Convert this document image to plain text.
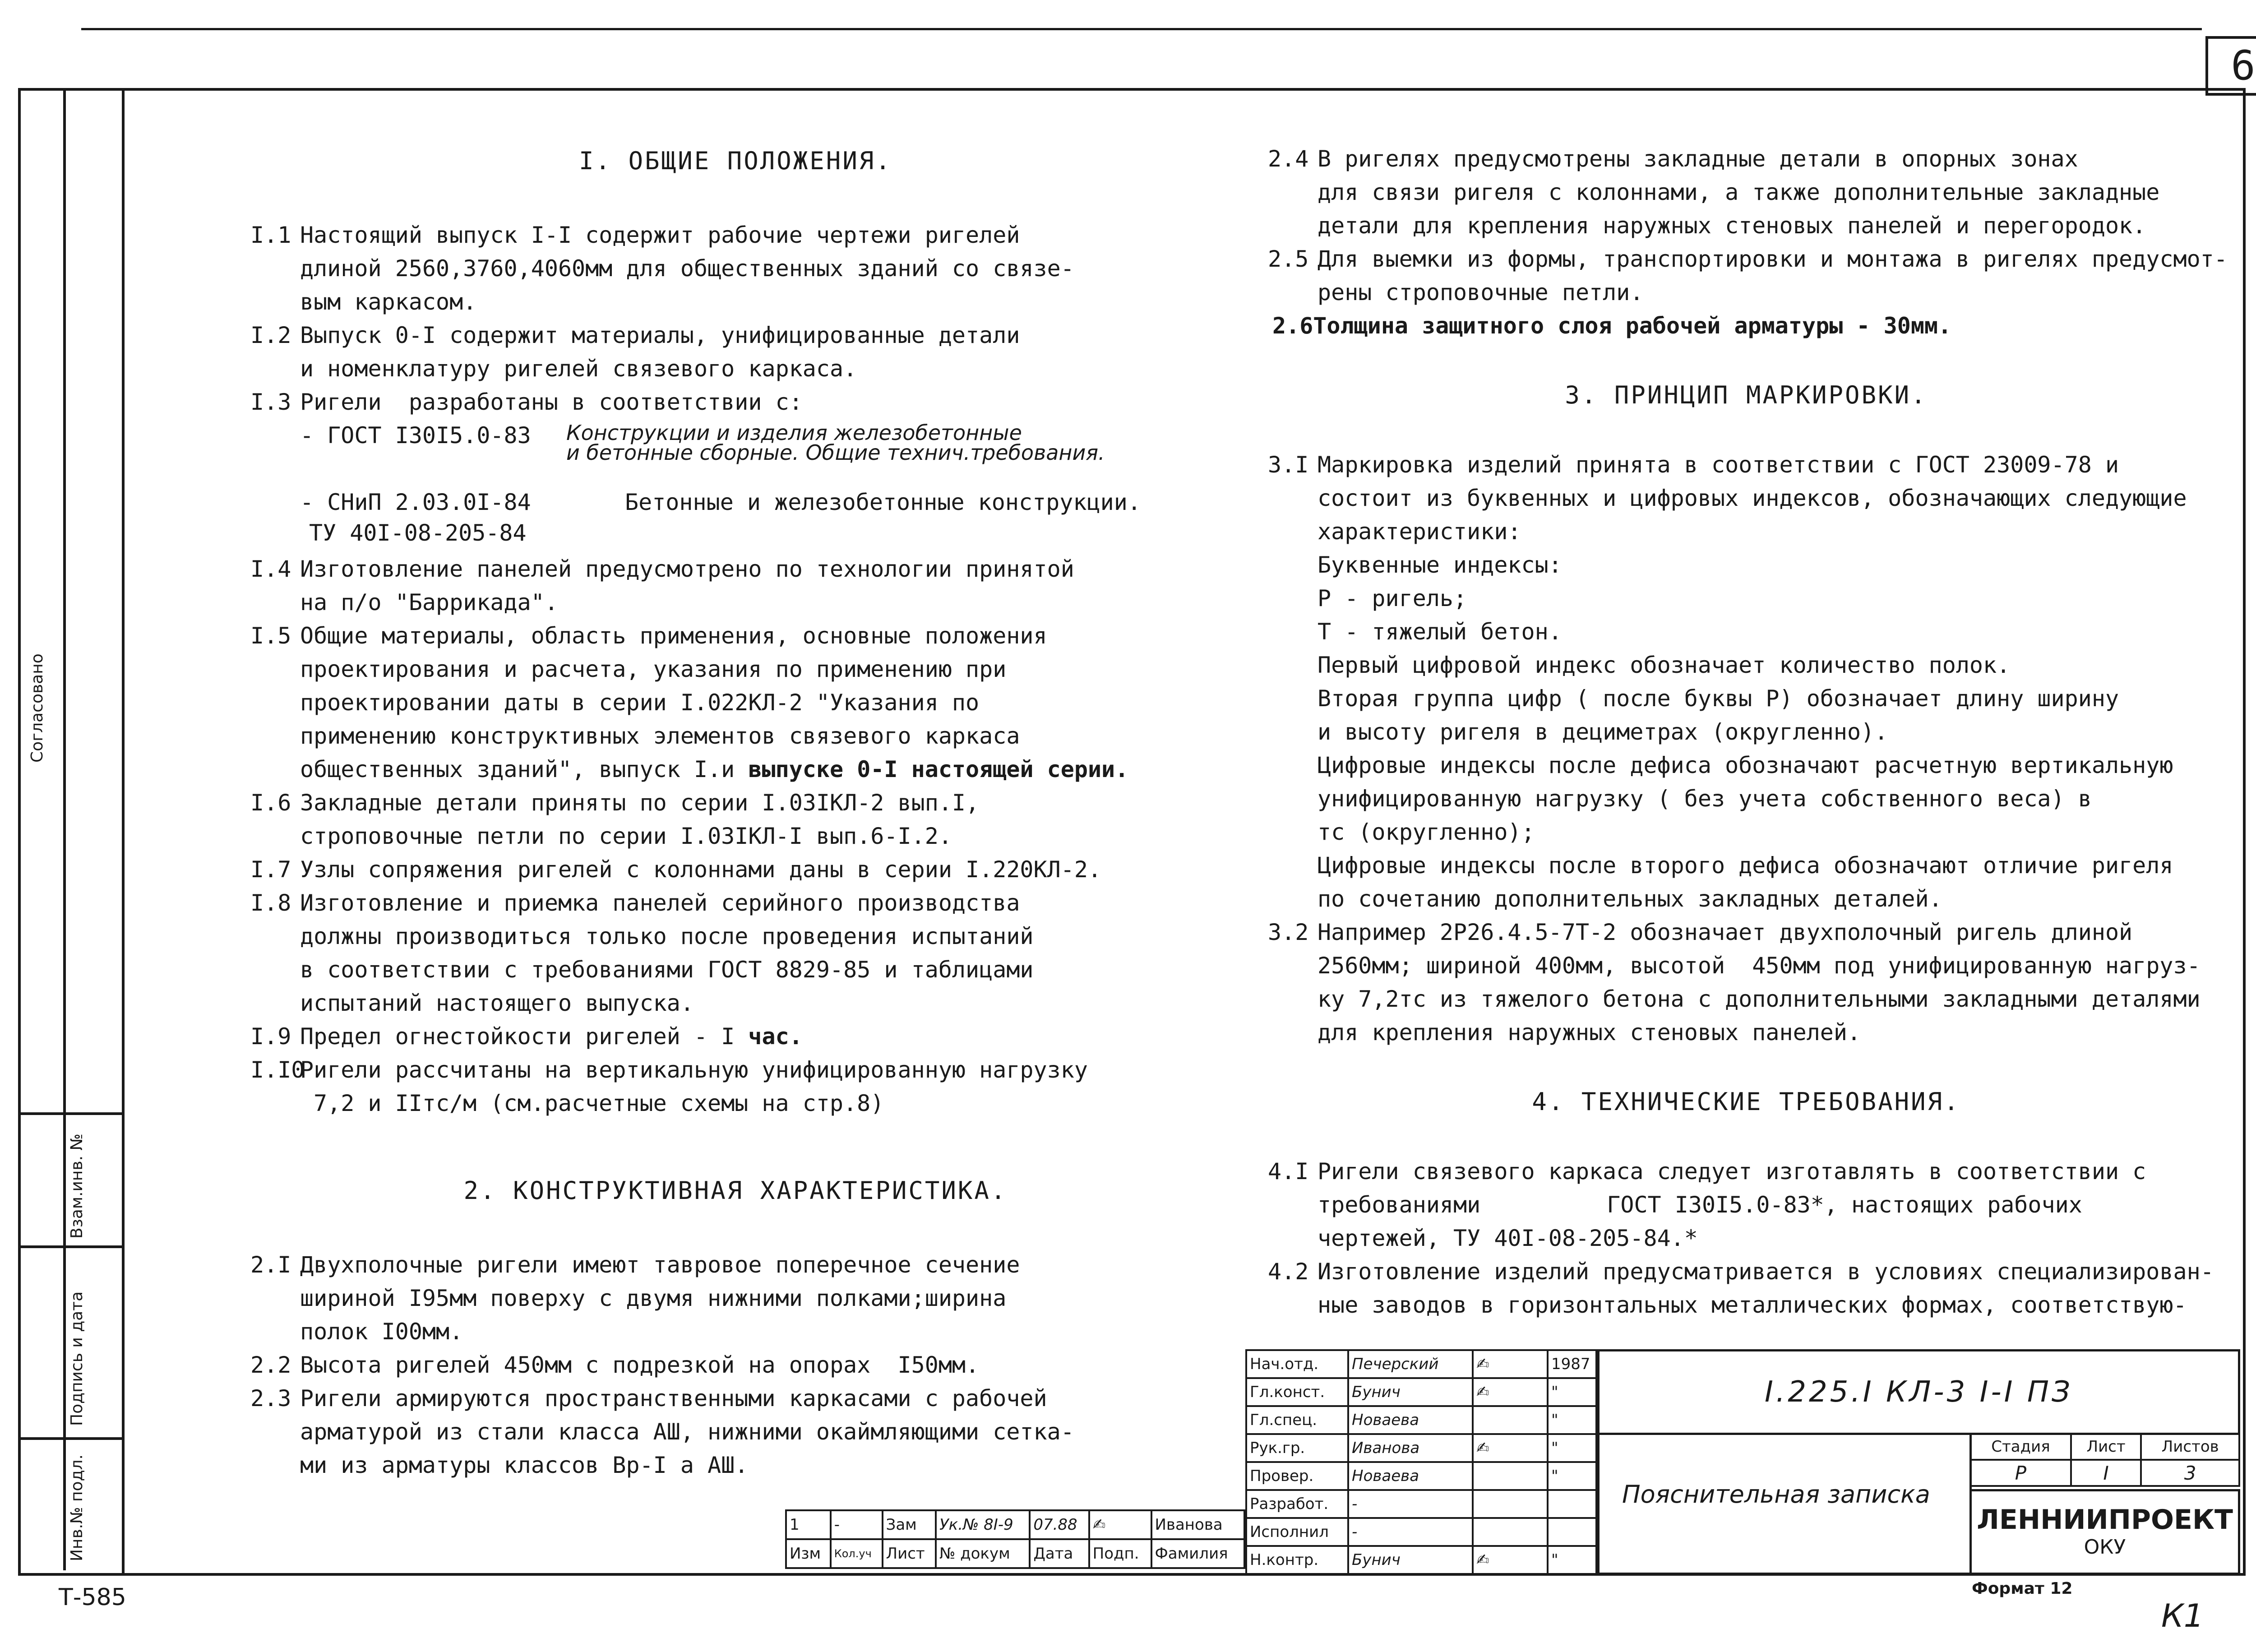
6
Согласовано
Взам.инв. №
Подпись и дата
Инв.№ подл.

I. ОБЩИЕ ПОЛОЖЕНИЯ.

I.1 Настоящий выпуск I-I содержит рабочие чертежи ригелей
длиной 2560,3760,4060мм для общественных зданий со связе-
вым каркасом.
I.2 Выпуск 0-I содержит материалы, унифицированные детали
и номенклатуру ригелей связевого каркаса.
I.3 Ригели  разработаны в соответствии с:
- ГОСТ I30I5.0-83 Конструкции и изделия железобетонные
и бетонные сборные. Общие технич.требования.
- СНиП 2.03.0I-84	Бетонные и железобетонные конструкции.
ТУ 40I-08-205-84
I.4 Изготовление панелей предусмотрено по технологии принятой
на п/о "Баррикада".
I.5 Общие материалы, область применения, основные положения
проектирования и расчета, указания по применению при
проектировании даты в серии I.022КЛ-2 "Указания по
применению конструктивных элементов связевого каркаса
общественных зданий", выпуск I.и выпуске 0-I настоящей серии.
I.6 Закладные детали приняты по серии I.03IКЛ-2 вып.I,
строповочные петли по серии I.03IКЛ-I вып.6-I.2.
I.7 Узлы сопряжения ригелей с колоннами даны в серии I.220КЛ-2.
I.8 Изготовление и приемка панелей серийного производства
должны производиться только после проведения испытаний
в соответствии с требованиями ГОСТ 8829-85 и таблицами
испытаний настоящего выпуска.
I.9 Предел огнестойкости ригелей - I час.
I.I0
Ригели рассчитаны на вертикальную унифицированную нагрузку
7,2 и IIтс/м (см.расчетные схемы на стр.8)

2. КОНСТРУКТИВНАЯ ХАРАКТЕРИСТИКА.

2.I Двухполочные ригели имеют тавровое поперечное сечение
шириной I95мм поверху с двумя нижними полками;ширина
полок I00мм.
2.2 Высота ригелей 450мм с подрезкой на опорах  I50мм.
2.3 Ригели армируются пространственными каркасами с рабочей
арматурой из стали класса АШ, нижними окаймляющими сетка-
ми из арматуры классов Вр-I а АШ.
2.4 В ригелях предусмотрены закладные детали в опорных зонах
для связи ригеля с колоннами, а также дополнительные закладные
детали для крепления наружных стеновых панелей и перегородок.
2.5 Для выемки из формы, транспортировки и монтажа в ригелях предусмот-
рены строповочные петли.

2.6Толщина защитного слоя рабочей арматуры - 30мм.

3. ПРИНЦИП МАРКИРОВКИ.

3.I Маркировка изделий принята в соответствии с ГОСТ 23009-78 и
состоит из буквенных и цифровых индексов, обозначающих следующие
характеристики:
Буквенные индексы:
Р - ригель;
Т - тяжелый бетон.
Первый цифровой индекс обозначает количество полок.
Вторая группа цифр ( после буквы Р) обозначает длину ширину
и высоту ригеля в дециметрах (округленно).
Цифровые индексы после дефиса обозначают расчетную вертикальную
унифицированную нагрузку ( без учета собственного веса) в
тс (округленно);
Цифровые индексы после второго дефиса обозначают отличие ригеля
по сочетанию дополнительных закладных деталей.
3.2 Например 2Р26.4.5-7Т-2 обозначает двухполочный ригель длиной
2560мм; шириной 400мм, высотой  450мм под унифицированную нагруз-
ку 7,2тс из тяжелого бетона с дополнительными закладными деталями
для крепления наружных стеновых панелей.

4. ТЕХНИЧЕСКИЕ ТРЕБОВАНИЯ.

4.I Ригели связевого каркаса следует изготавлять в соответствии с
требованиями	ГОСТ I30I5.0-83*, настоящих рабочих
чертежей, ТУ 40I-08-205-84.*
4.2 Изготовление изделий предусматривается в условиях специализирован-
ные заводов в горизонтальных металлических формах, соответствую-
Нач.отд.	Печерский	✍	1987
Гл.конст.	Бунич	✍	"
Гл.спец.	Новаева		"
Рук.гр.	Иванова	✍	"
Провер.	Новаева		"
Разработ.	-		
Исполнил	-		
Н.контр.	Бунич	✍	"
1	-	Зам	Ук.№ 8I-9	07.88	✍	Иванова
Изм	Кол.уч	Лист	№ докум	Дата	Подп.	Фамилия
I.225.I КЛ-3 I-I ПЗ
Пояснительная записка
Стадия	Лист	Листов
Р	I	3
ЛЕННИИПРОЕКТ
ОКУ
Т-585	Формат 12
К1
